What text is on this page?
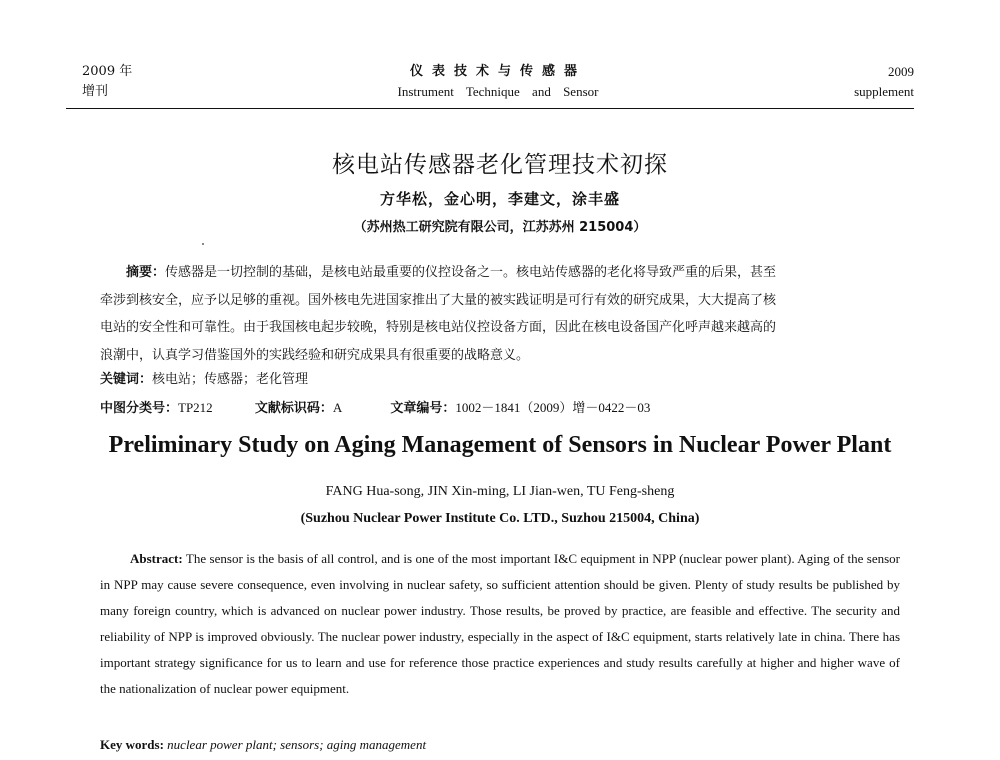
2009 年
增刊
仪表技术与传感器
Instrument Technique and Sensor
2009
supplement
核电站传感器老化管理技术初探
方华松，金心明，李建文，涂丰盛
（苏州热工研究院有限公司，江苏苏州 215004）
  摘要：传感器是一切控制的基础，是核电站最重要的仪控设备之一。核电站传感器的老化将导致严重的后果，甚至
牵涉到核安全，应予以足够的重视。国外核电先进国家推出了大量的被实践证明是可行有效的研究成果，大大提高了核
电站的安全性和可靠性。由于我国核电起步较晚，特别是核电站仪控设备方面，因此在核电设备国产化呼声越来越高的
浪潮中，认真学习借鉴国外的实践经验和研究成果具有很重要的战略意义。
关键词：核电站；传感器；老化管理
中图分类号：TP212	文献标识码：A	文章编号：1002－1841（2009）增－0422－03
Preliminary Study on Aging Management of Sensors in Nuclear Power Plant
FANG Hua-song, JIN Xin-ming, LI Jian-wen, TU Feng-sheng
(Suzhou Nuclear Power Institute Co. LTD., Suzhou 215004, China)
Abstract: The sensor is the basis of all control, and is one of the most important I&C equipment in NPP (nuclear power plant). Aging of the sensor in NPP may cause severe consequence, even involving in nuclear safety, so sufficient attention should be given. Plenty of study results be published by many foreign country, which is advanced on nuclear power industry. Those results, be proved by practice, are feasible and effective. The security and reliability of NPP is improved obviously. The nuclear power industry, especially in the aspect of I&C equipment, starts relatively late in china. There has important strategy significance for us to learn and use for reference those practice experiences and study results carefully at higher and higher wave of the nationalization of nuclear power equipment.
Key words: nuclear power plant; sensors; aging management
